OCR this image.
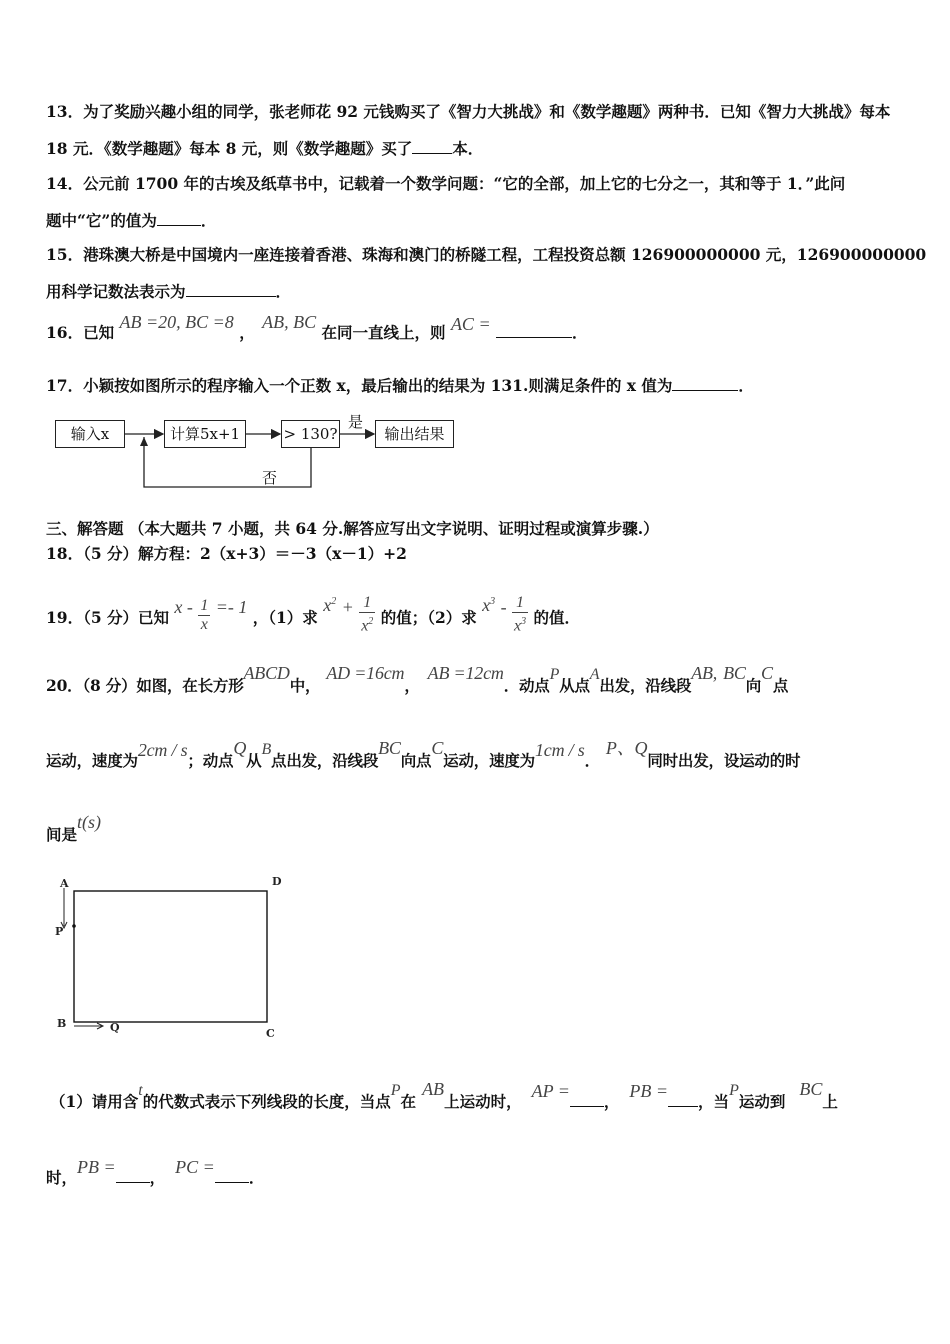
13．为了奖励兴趣小组的同学，张老师花 92 元钱购买了《智力大挑战》和《数学趣题》两种书．已知《智力大挑战》每本
18 元．《数学趣题》每本 8 元，则《数学趣题》买了	本．
14．公元前 1700 年的古埃及纸草书中，记载着一个数学问题：“它的全部，加上它的七分之一，其和等于 1．”此问
题中“它”的值为	．
15．港珠澳大桥是中国境内一座连接着香港、珠海和澳门的桥隧工程，工程投资总额 126900000000 元，126900000000
用科学记数法表示为	．
16．已知 AB =20, BC =8 ， AB, BC 在同一直线上，则 AC =	．
17．小颖按如图所示的程序输入一个正数 x，最后输出的结果为 131.则满足条件的 x 值为	．
输入x	计算5x+1	> 130?	输出结果
是
否
三、解答题 （本大题共 7 小题，共 64 分.解答应写出文字说明、证明过程或演算步骤.）
18．（5 分）解方程：2（x+3）＝－3（x－1）+2
19．（5 分）已知 $x - \frac{1}{x} =- 1$ ，（1）求 $x^2 + \frac{1}{x^2}$ 的值；（2）求 $x^3 - \frac{1}{x^3}$ 的值．
20．（8 分）如图，在长方形ABCD中，AD =16cm，AB =12cm．动点P从点A出发，沿线段AB, BC向C点
运动，速度为2cm / s；动点Q从B点出发，沿线段BC向点C运动，速度为1cm / s．P、Q同时出发，设运动的时
间是t(s)
A	D
P
B	Q	C
（1）请用含t的代数式表示下列线段的长度，当点P在AB上运动时，AP =，PB =，当P运动到BC上
时，PB =，PC =．
